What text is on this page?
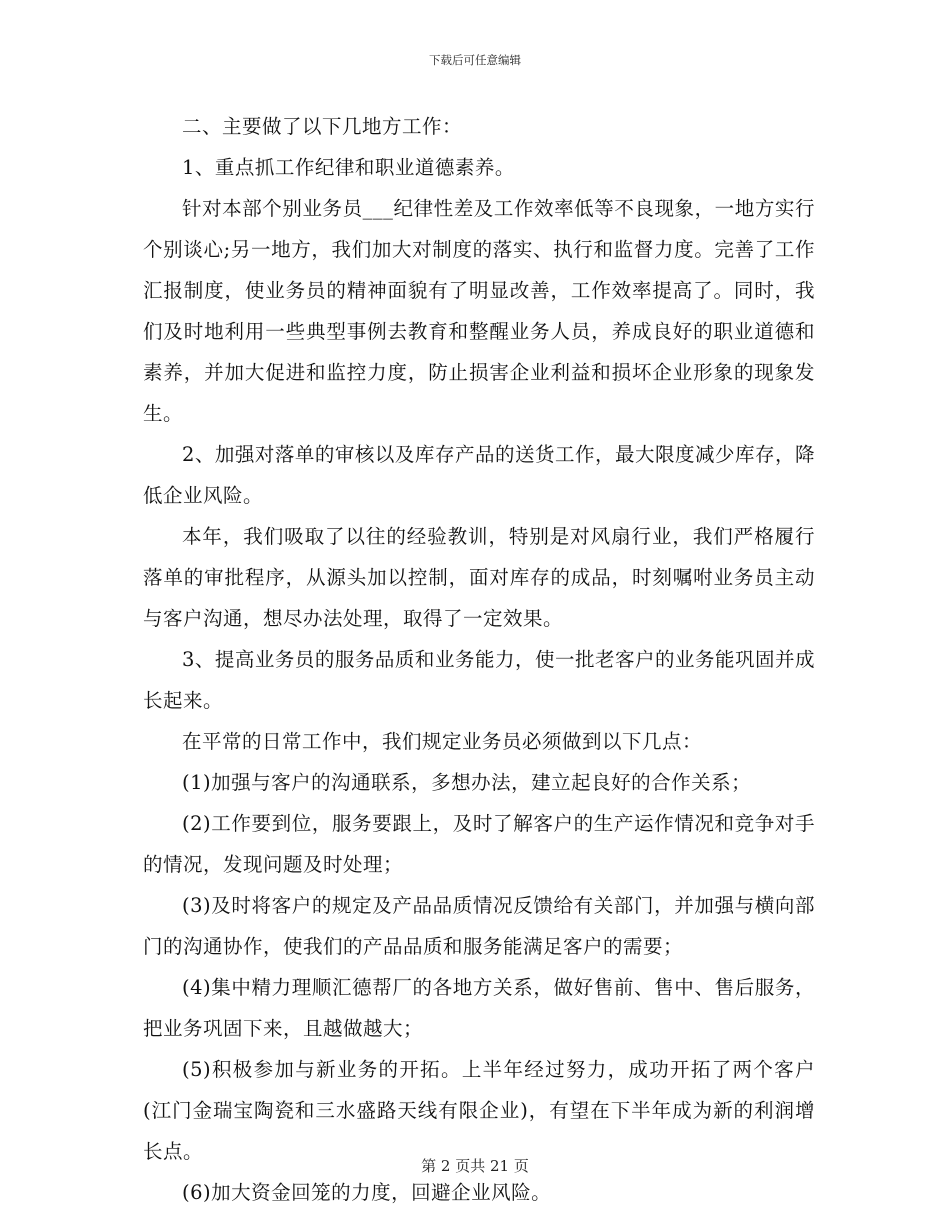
下载后可任意编辑

二、主要做了以下几地方工作：

1、重点抓工作纪律和职业道德素养。

针对本部个别业务员___纪律性差及工作效率低等不良现象，一地方实行个别谈心;另一地方，我们加大对制度的落实、执行和监督力度。完善了工作汇报制度，使业务员的精神面貌有了明显改善，工作效率提高了。同时，我们及时地利用一些典型事例去教育和整醒业务人员，养成良好的职业道德和素养，并加大促进和监控力度，防止损害企业利益和损坏企业形象的现象发生。

2、加强对落单的审核以及库存产品的送货工作，最大限度减少库存，降低企业风险。

本年，我们吸取了以往的经验教训，特别是对风扇行业，我们严格履行落单的审批程序，从源头加以控制，面对库存的成品，时刻嘱咐业务员主动与客户沟通，想尽办法处理，取得了一定效果。

3、提高业务员的服务品质和业务能力，使一批老客户的业务能巩固并成长起来。

在平常的日常工作中，我们规定业务员必须做到以下几点：

(1)加强与客户的沟通联系，多想办法，建立起良好的合作关系；

(2)工作要到位，服务要跟上，及时了解客户的生产运作情况和竞争对手的情况，发现问题及时处理；

(3)及时将客户的规定及产品品质情况反馈给有关部门，并加强与横向部门的沟通协作，使我们的产品品质和服务能满足客户的需要；

(4)集中精力理顺汇德帮厂的各地方关系，做好售前、售中、售后服务，把业务巩固下来，且越做越大；

(5)积极参加与新业务的开拓。上半年经过努力，成功开拓了两个客户(江门金瑞宝陶瓷和三水盛路天线有限企业)，有望在下半年成为新的利润增长点。

(6)加大资金回笼的力度，回避企业风险。

第 2 页共 21 页
